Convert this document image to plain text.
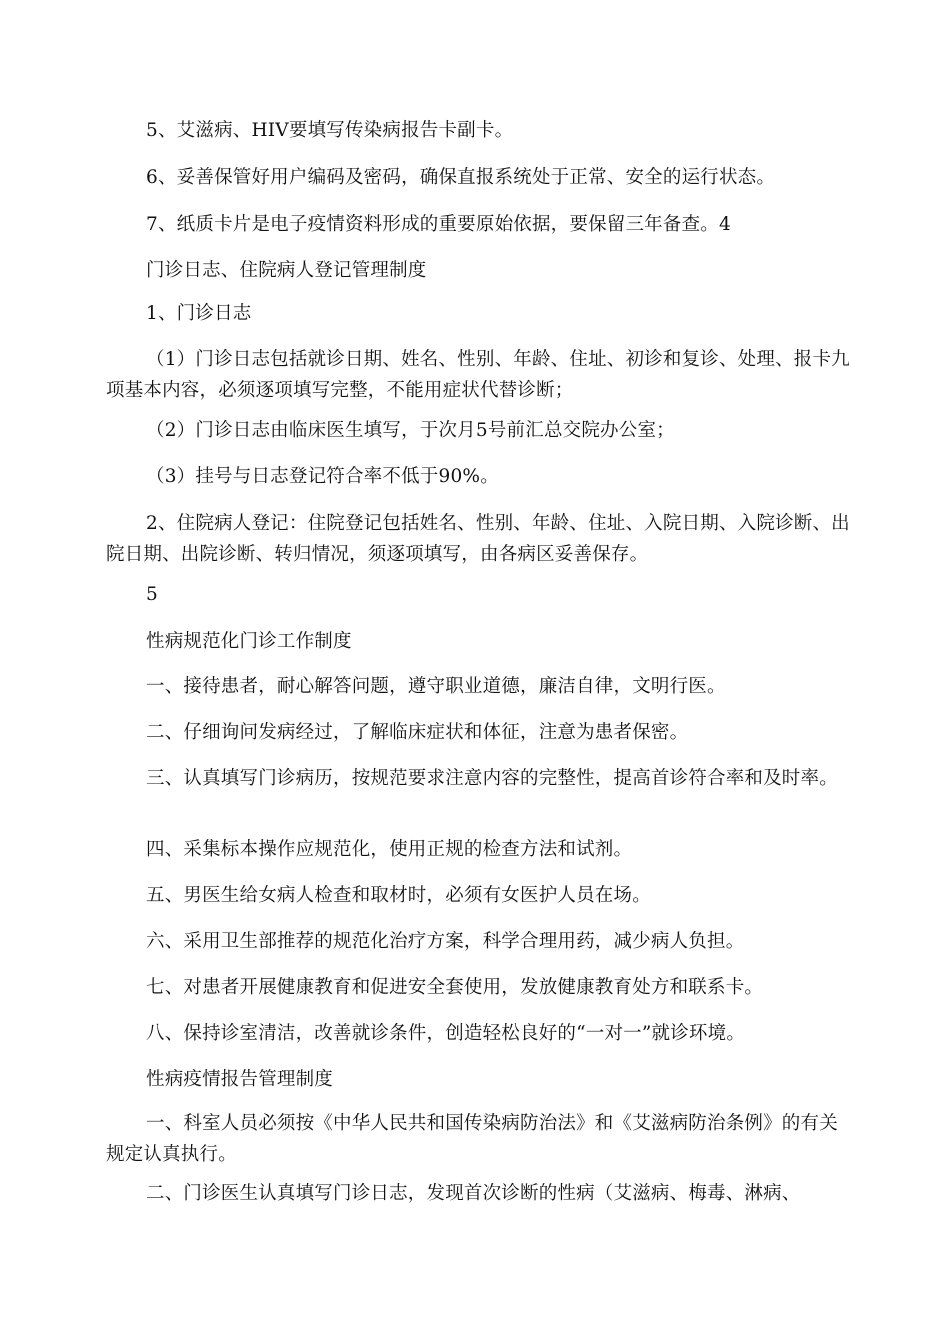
5、艾滋病、HIV要填写传染病报告卡副卡。

6、妥善保管好用户编码及密码，确保直报系统处于正常、安全的运行状态。

7、纸质卡片是电子疫情资料形成的重要原始依据，要保留三年备查。4

门诊日志、住院病人登记管理制度

1、门诊日志

（1）门诊日志包括就诊日期、姓名、性别、年龄、住址、初诊和复诊、处理、报卡九项基本内容，必须逐项填写完整，不能用症状代替诊断；

（2）门诊日志由临床医生填写，于次月5号前汇总交院办公室；

（3）挂号与日志登记符合率不低于90%。

2、住院病人登记：住院登记包括姓名、性别、年龄、住址、入院日期、入院诊断、出院日期、出院诊断、转归情况，须逐项填写，由各病区妥善保存。

5

性病规范化门诊工作制度

一、接待患者，耐心解答问题，遵守职业道德，廉洁自律，文明行医。

二、仔细询问发病经过，了解临床症状和体征，注意为患者保密。

三、认真填写门诊病历，按规范要求注意内容的完整性，提高首诊符合率和及时率。

四、采集标本操作应规范化，使用正规的检查方法和试剂。

五、男医生给女病人检查和取材时，必须有女医护人员在场。

六、采用卫生部推荐的规范化治疗方案，科学合理用药，减少病人负担。

七、对患者开展健康教育和促进安全套使用，发放健康教育处方和联系卡。

八、保持诊室清洁，改善就诊条件，创造轻松良好的“一对一”就诊环境。

性病疫情报告管理制度

一、科室人员必须按《中华人民共和国传染病防治法》和《艾滋病防治条例》的有关规定认真执行。

二、门诊医生认真填写门诊日志，发现首次诊断的性病（艾滋病、梅毒、淋病、
